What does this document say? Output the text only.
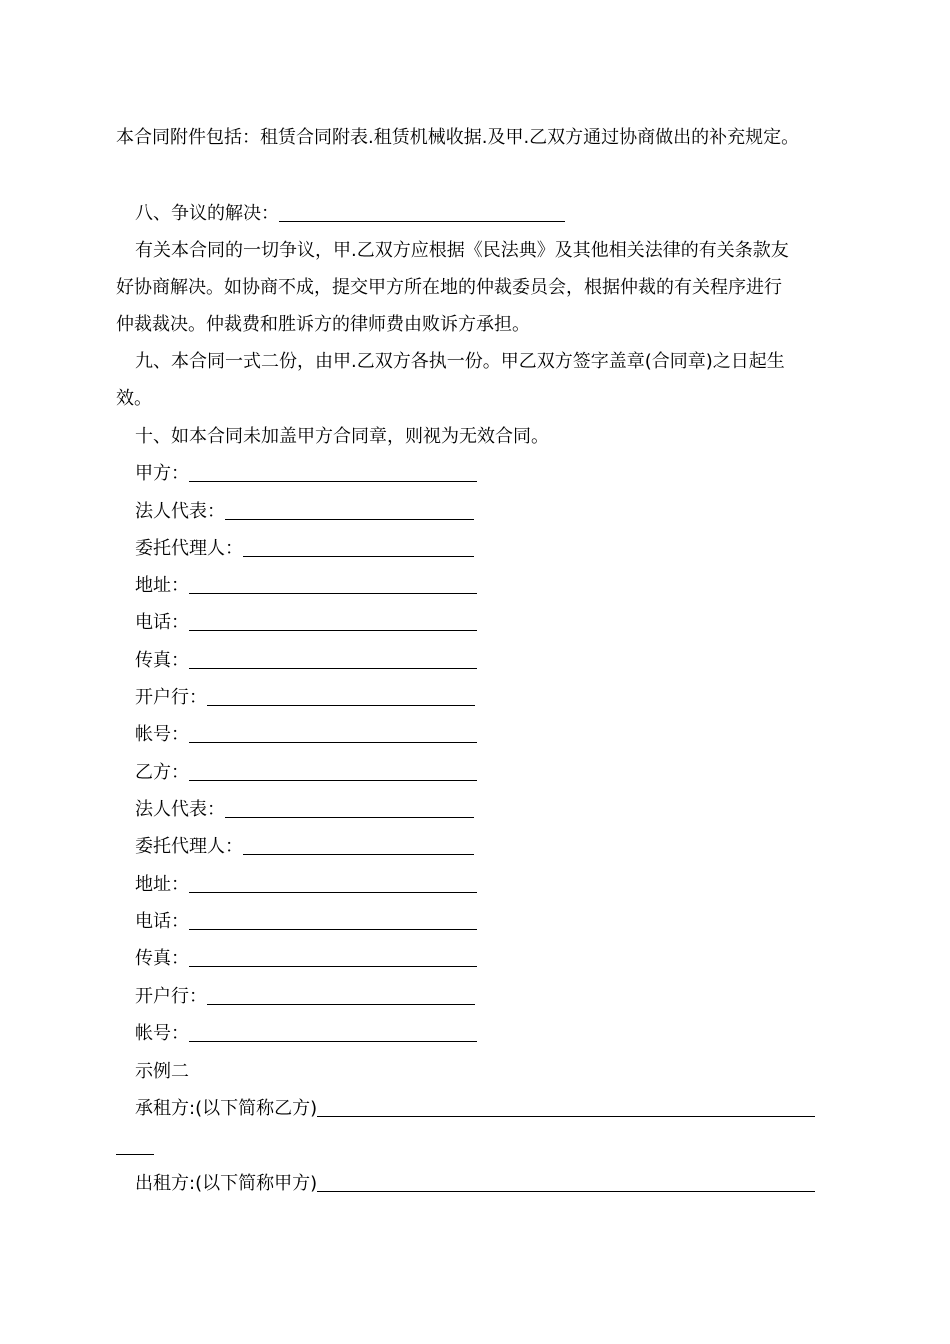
本合同附件包括：租赁合同附表.租赁机械收据.及甲.乙双方通过协商做出的补充规定。
八、争议的解决：
有关本合同的一切争议，甲.乙双方应根据《民法典》及其他相关法律的有关条款友
好协商解决。如协商不成，提交甲方所在地的仲裁委员会，根据仲裁的有关程序进行
仲裁裁决。仲裁费和胜诉方的律师费由败诉方承担。
九、本合同一式二份，由甲.乙双方各执一份。甲乙双方签字盖章(合同章)之日起生
效。
十、如本合同未加盖甲方合同章，则视为无效合同。
甲方：
法人代表：
委托代理人：
地址：
电话：
传真：
开户行：
帐号：
乙方：
法人代表：
委托代理人：
地址：
电话：
传真：
开户行：
帐号：
示例二
承租方:(以下简称乙方)
出租方:(以下简称甲方)
